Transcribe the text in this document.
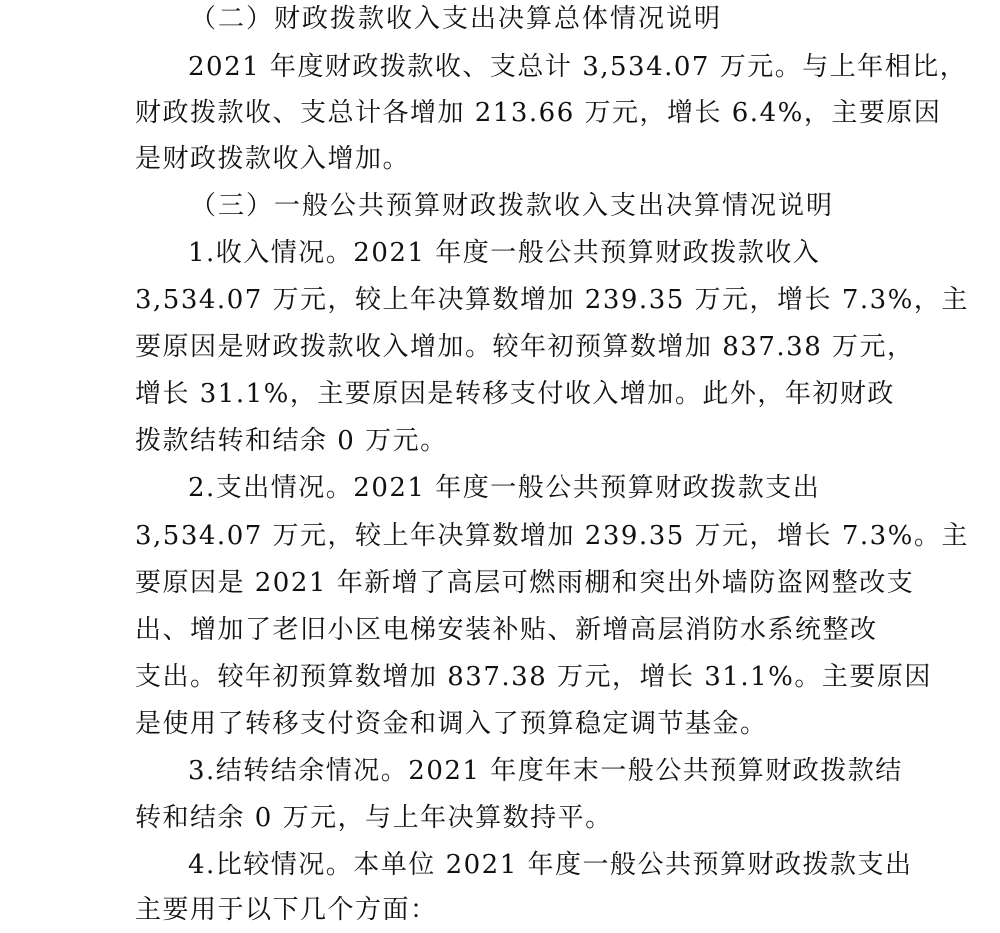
（二）财政拨款收入支出决算总体情况说明
2021 年度财政拨款收、支总计 3,534.07 万元。与上年相比，
财政拨款收、支总计各增加 213.66 万元，增长 6.4%，主要原因
是财政拨款收入增加。
（三）一般公共预算财政拨款收入支出决算情况说明
1.收入情况。2021 年度一般公共预算财政拨款收入
3,534.07 万元，较上年决算数增加 239.35 万元，增长 7.3%，主
要原因是财政拨款收入增加。较年初预算数增加 837.38 万元，
增长 31.1%，主要原因是转移支付收入增加。此外，年初财政
拨款结转和结余 0 万元。
2.支出情况。2021 年度一般公共预算财政拨款支出
3,534.07 万元，较上年决算数增加 239.35 万元，增长 7.3%。主
要原因是 2021 年新增了高层可燃雨棚和突出外墙防盗网整改支
出、增加了老旧小区电梯安装补贴、新增高层消防水系统整改
支出。较年初预算数增加 837.38 万元，增长 31.1%。主要原因
是使用了转移支付资金和调入了预算稳定调节基金。
3.结转结余情况。2021 年度年末一般公共预算财政拨款结
转和结余 0 万元，与上年决算数持平。
4.比较情况。本单位 2021 年度一般公共预算财政拨款支出
主要用于以下几个方面：
